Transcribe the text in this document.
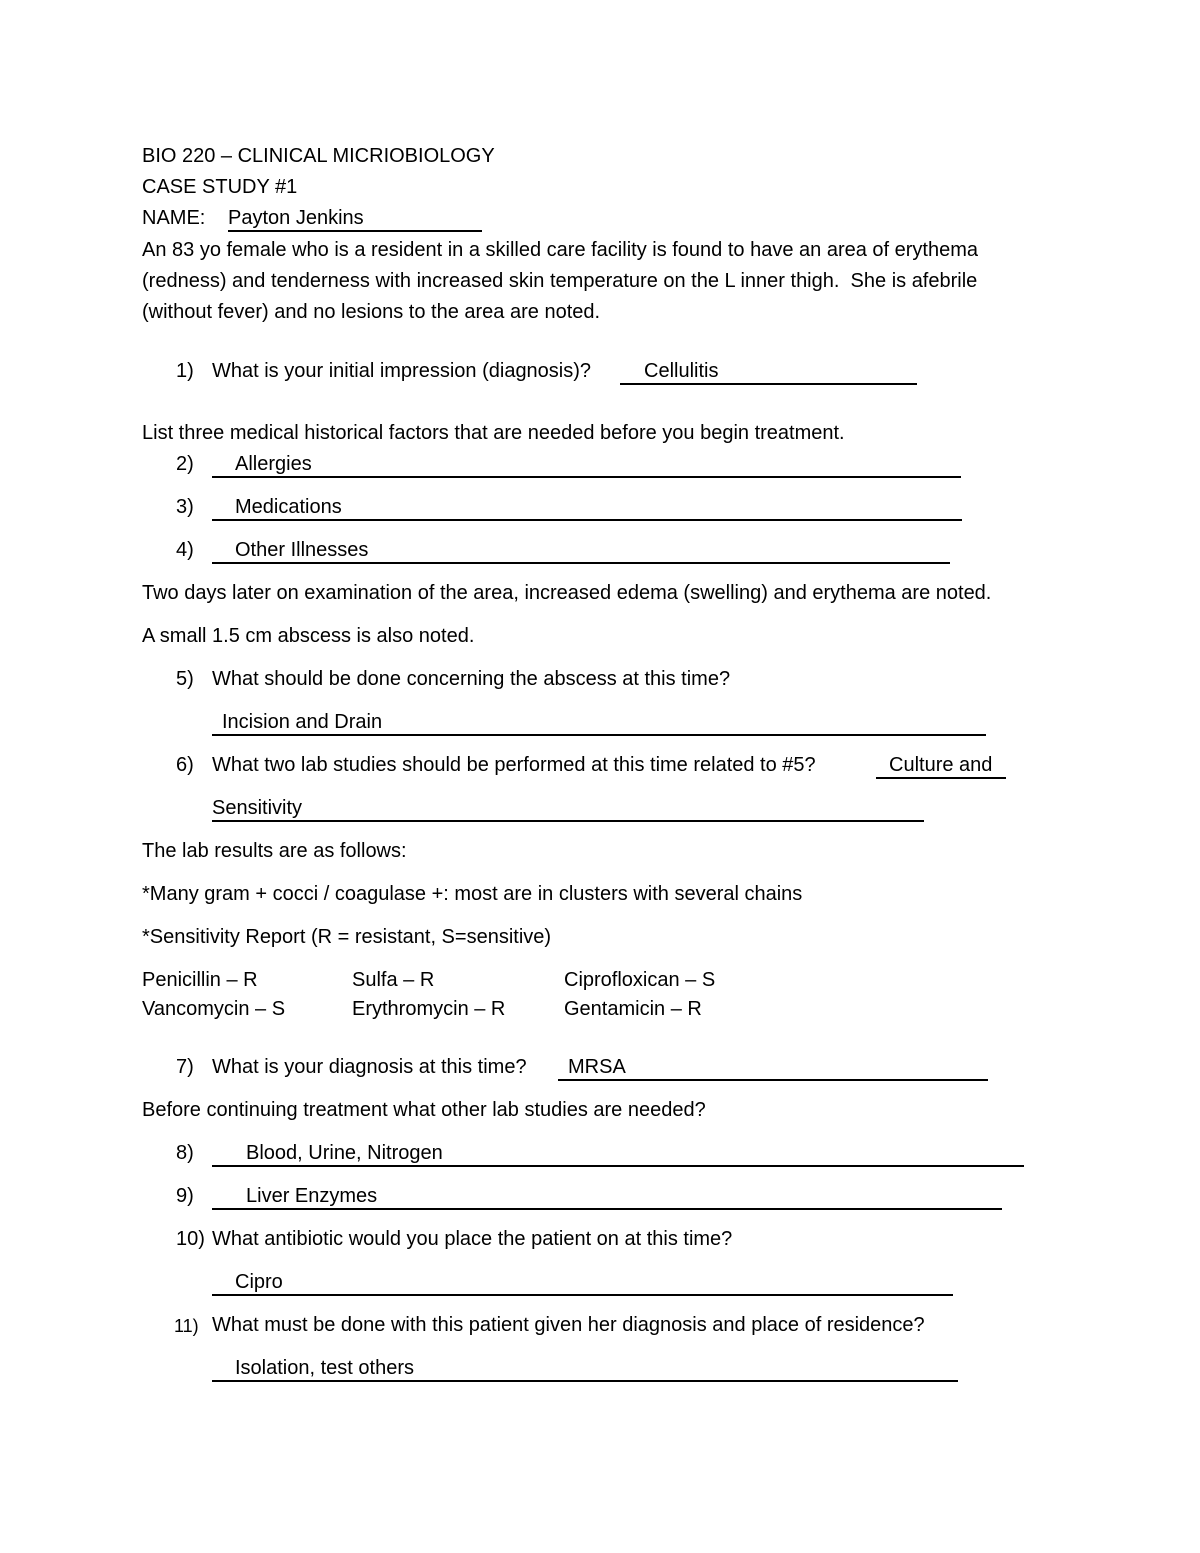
BIO 220 – CLINICAL MICRIOBIOLOGY
CASE STUDY #1
NAME: Payton Jenkins
An 83 yo female who is a resident in a skilled care facility is found to have an area of erythema
(redness) and tenderness with increased skin temperature on the L inner thigh.  She is afebrile
(without fever) and no lesions to the area are noted.
1) What is your initial impression (diagnosis)?	Cellulitis
List three medical historical factors that are needed before you begin treatment.
2)	Allergies
3)	Medications
4)	Other Illnesses
Two days later on examination of the area, increased edema (swelling) and erythema are noted.
A small 1.5 cm abscess is also noted.
5) What should be done concerning the abscess at this time?
Incision and Drain
6) What two lab studies should be performed at this time related to #5?	Culture and
Sensitivity
The lab results are as follows:
*Many gram + cocci / coagulase +: most are in clusters with several chains
*Sensitivity Report (R = resistant, S=sensitive)
Penicillin – R	Sulfa – R	Ciprofloxican – S
Vancomycin – S	Erythromycin – R	Gentamicin – R
7) What is your diagnosis at this time?	MRSA
Before continuing treatment what other lab studies are needed?
8)	Blood, Urine, Nitrogen
9)	Liver Enzymes
10) What antibiotic would you place the patient on at this time?
Cipro
11) What must be done with this patient given her diagnosis and place of residence?
Isolation, test others
